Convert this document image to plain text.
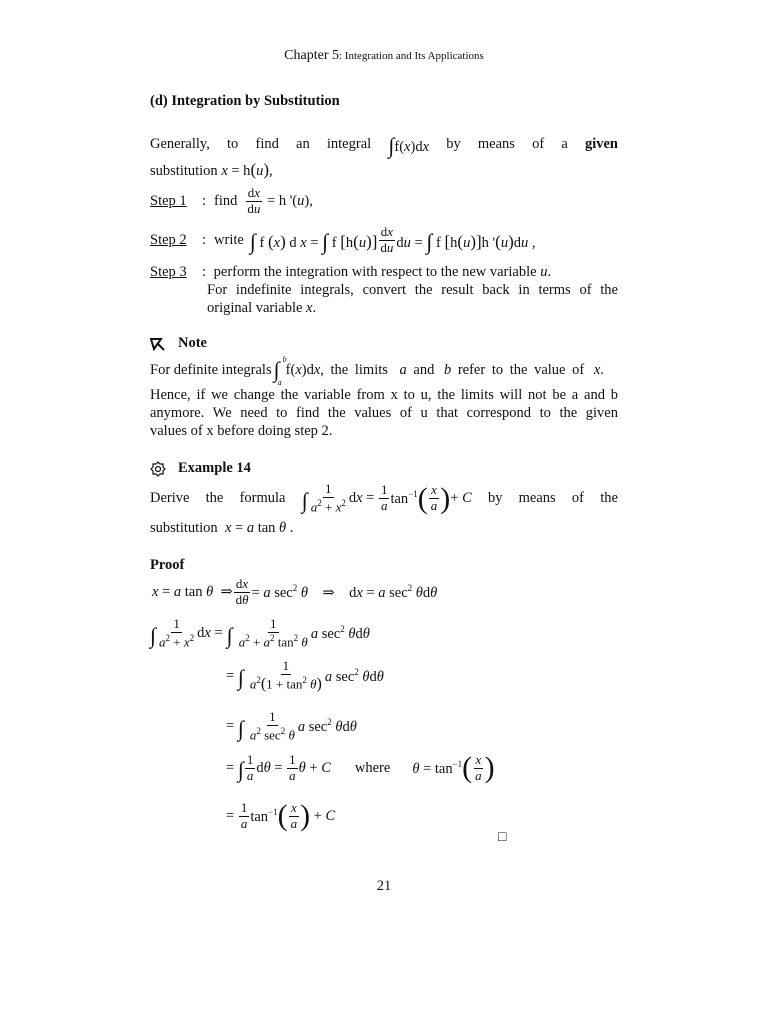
Chapter 5: Integration and Its Applications
(d) Integration by Substitution
Generally, to find an integral ∫f(x)dx by means of a given
substitution x = h(u),
Step 1	: find $\frac{dx}{du} = h$ '(u),
Step 2	: write ∫ f (x) d x = ∫ f $[h(u)] \frac{dx}{du}$ du = ∫ f [h(u)]h '(u)du ,
Step 3 : perform the integration with respect to the new variable u.
For indefinite integrals, convert the result back in terms of the
original variable x.
Note
For definite integrals ∫ b
a
f(x)dx , the limits a and b refer to the value of x .
Hence, if we change the variable from x to u, the limits will not be a and b
anymore. We need to find the values of u that correspond to the given
values of x before doing step 2.
Example 14
Derive the formula ∫ $\frac{1}{a^2 + x^2}$ dx = $\frac{1}{a} \tan^{-1}$ ( $\frac{x}{a}$ ) + C by means of the
substitution x = a tan θ .
Proof
x = a tan θ  ⇒ $\frac{dx}{d\theta} = a$ $\sec^2 \theta$    ⇒    dx = a $\sec^2 \theta d\theta$
∫ $\frac{1}{a^2 + x^2}$ dx = ∫ $\frac{1}{a^2 + a^2 \tan^2 \theta}$ a $\sec^2 \theta d\theta$
= ∫ $\frac{1}{a^2(1 + \tan^2 \theta)}$ a $\sec^2 \theta d\theta$
= ∫ $\frac{1}{a^2 \sec^2 \theta}$ a $\sec^2 \theta d\theta$
= ∫ $\frac{1}{a}$ $d\theta = \frac{1}{a}$ θ + C where $\theta = \tan^{-1}$ ( $\frac{x}{a}$ )
= $\frac{1}{a} \tan^{-1}$ ( $\frac{x}{a}$ ) + C
□
21
